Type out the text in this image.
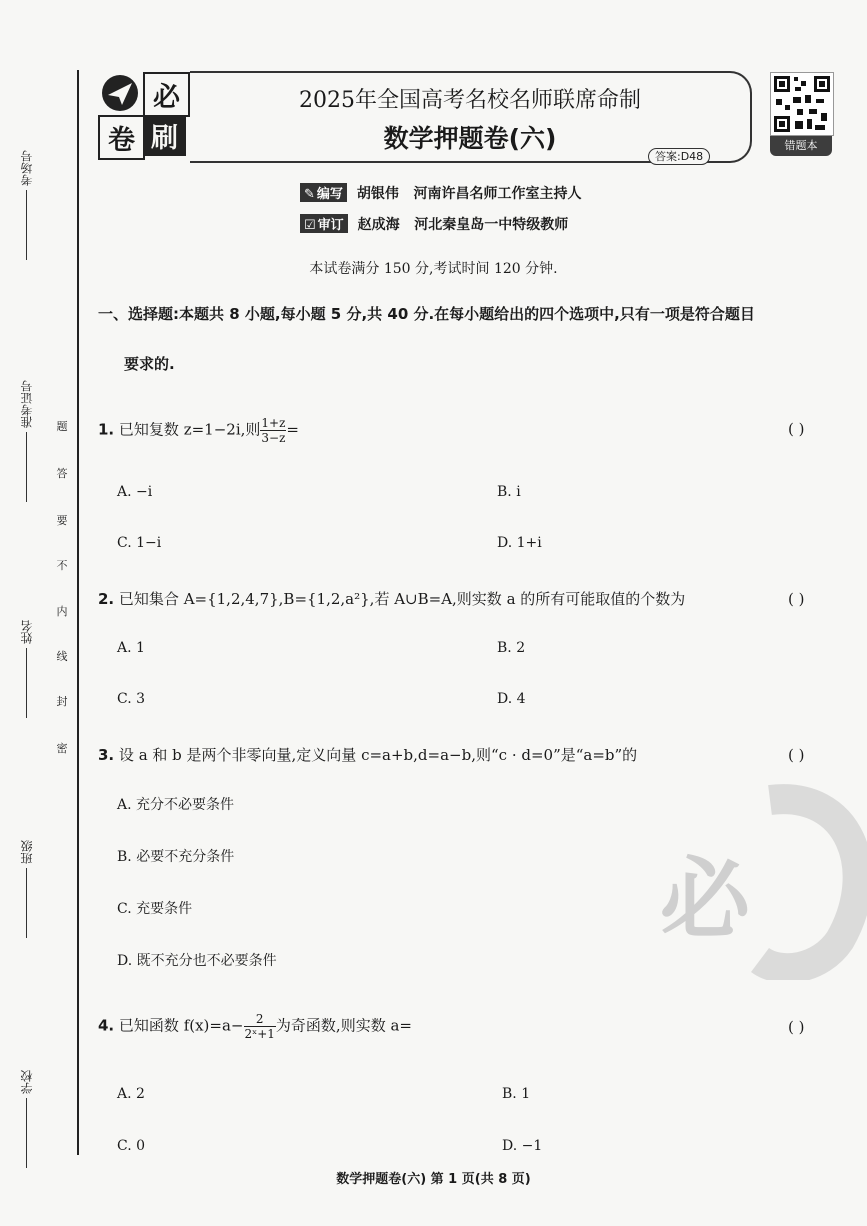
考场号
准考证号
姓名
班级
学校
题
答
要
不
内
线
封
密
必
卷 刷
2025年全国高考名校名师联席命制
数学押题卷(六)
答案:D48
错题本
✎ 编写 胡银伟 河南许昌名师工作室主持人
☑ 审订 赵成海 河北秦皇岛一中特级教师
本试卷满分 150 分,考试时间 120 分钟.
一、选择题:本题共 8 小题,每小题 5 分,共 40 分.在每小题给出的四个选项中,只有一项是符合题目
要求的.
1. 已知复数 z=1−2i,则 $\frac{1+z}{3-z}$ =	( )
A. −i	B. i
C. 1−i	D. 1+i
2. 已知集合 A={1,2,4,7},B={1,2,a²},若 A∪B=A,则实数 a 的所有可能取值的个数为	( )
A. 1	B. 2
C. 3	D. 4
3. 设 a 和 b 是两个非零向量,定义向量 c=a+b,d=a−b,则“c · d=0”是“a=b”的	( )
A. 充分不必要条件
B. 必要不充分条件
C. 充要条件
D. 既不充分也不必要条件
4. 已知函数 $f(x)=a- \frac{2}{\text{2ˣ+1}}$ 为奇函数,则实数 a=	( )
A. 2	B. 1
C. 0	D. −1
必
数学押题卷(六) 第 1 页(共 8 页)
